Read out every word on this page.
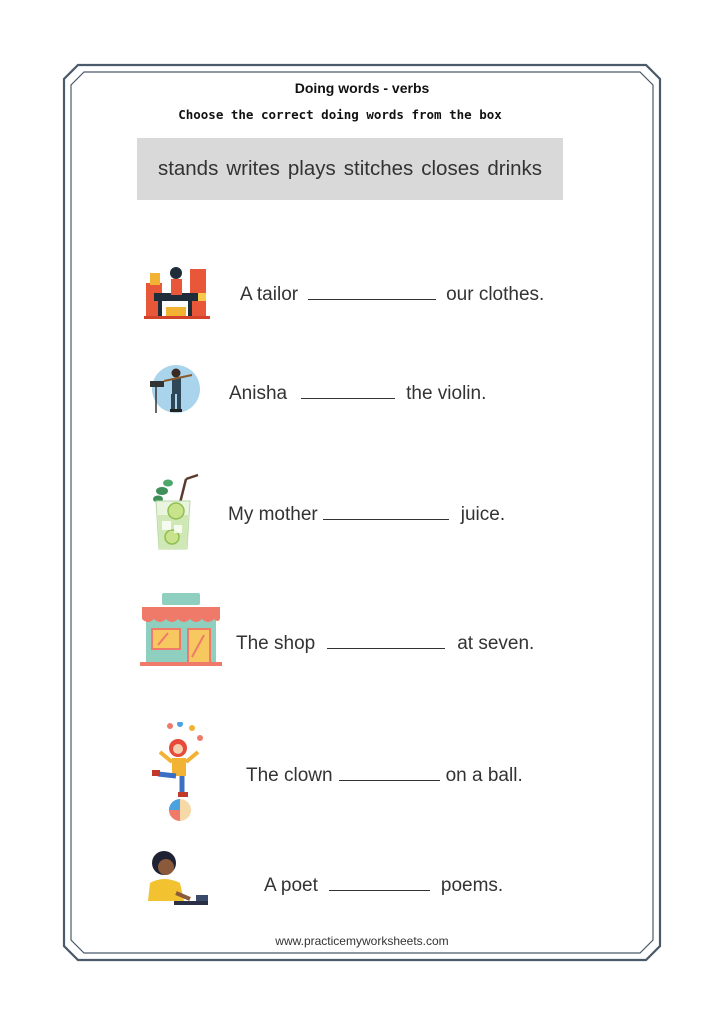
Doing words - verbs
Choose the correct doing words from the box
stands writes plays stitches closes drinks
A tailor	our clothes.
Anisha	the violin.
My mother	juice.
The shop	at seven.
The clown	on a ball.
A poet	poems.
www.practicemyworksheets.com
